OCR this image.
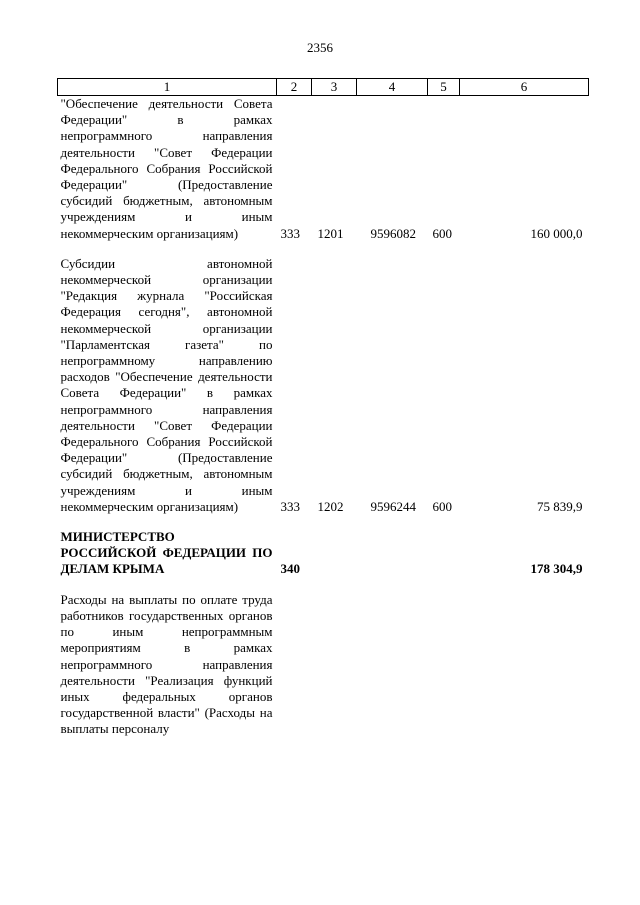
2356
1	2	3	4	5	6
"Обеспечение деятельности Совета Федерации" в рамках непрограммного направления деятельности "Совет Федерации Федерального Собрания Российской Федерации" (Предоставление субсидий бюджетным, автономным учреждениям и иным некоммерческим организациям)	333	1201	9596082	600	160 000,0

Субсидии автономной некоммерческой организации "Редакция журнала "Российская Федерация сегодня", автономной некоммерческой организации "Парламентская газета" по непрограммному направлению расходов "Обеспечение деятельности Совета Федерации" в рамках непрограммного направления деятельности "Совет Федерации Федерального Собрания Российской Федерации" (Предоставление субсидий бюджетным, автономным учреждениям и иным некоммерческим организациям)	333	1202	9596244	600	75 839,9

МИНИСТЕРСТВО РОССИЙСКОЙ ФЕДЕРАЦИИ ПО ДЕЛАМ КРЫМА	340				178 304,9

Расходы на выплаты по оплате труда работников государственных органов по иным непрограммным мероприятиям в рамках непрограммного направления деятельности "Реализация функций иных федеральных органов государственной власти" (Расходы на выплаты персоналу					
